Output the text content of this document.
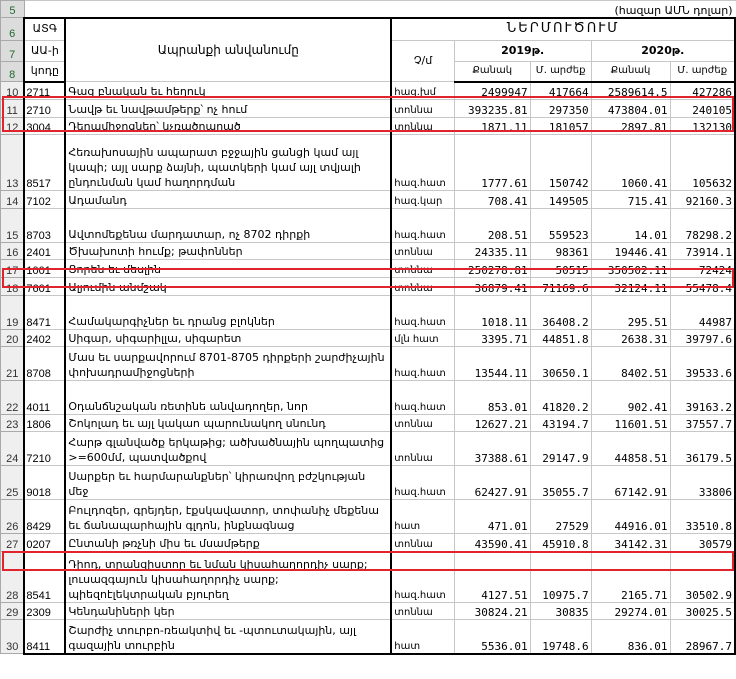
5	(հազար ԱՄՆ դոլար)						
6	ԱՏԳ	Ապրանքի անվանումը	ՆԵՐՄՈՒԾՈՒՄ				
7	ԱԱ-ի		Չ/մ	2019թ.		2020թ.	
8	կոդը			Քանակ	Մ. արժեք	Քանակ	Մ. արժեք
10	2711	Գազ բնական եւ հեղուկ	հազ.խմ	2499947	417664	2589614.5	427286
11	2710	Նավթ եւ նավթամթերք՝ ոչ հում	տոննա	393235.81	297350	473804.01	240105
12	3004	Դեղամիջոցներ՝ կչռածրարած	տոննա	1871.11	181057	2897.81	132130
13	8517	Հեռախոսային ապարատ բջջային ցանցի կամ այլ կապի; այլ սարք ձայնի, պատկերի կամ այլ տվյալի ընդունման կամ հաղորդման	հազ.հատ	1777.61	150742	1060.41	105632
14	7102	Ադամանդ	հազ.կար	708.41	149505	715.41	92160.3
15	8703	Ավտոմեքենա մարդատար, ոչ 8702 դիրքի	հազ.հատ	208.51	559523	14.01	78298.2
16	2401	Ծխախոտի հումք; թափոններ	տոննա	24335.11	98361	19446.41	73914.1
17	1001	Ցորեն եւ մեսլին	տոննա	250278.81	50515	350502.11	72424
18	7601	Ալյումին անմշակ	տոննա	36879.41	71169.6	32124.11	55478.4
19	8471	Համակարգիչներ եւ դրանց բլոկներ	հազ.հատ	1018.11	36408.2	295.51	44987
20	2402	Սիգար, սիգարիլլա, սիգարետ	մլն հատ	3395.71	44851.8	2638.31	39797.6
21	8708	Մաս եւ սարքավորում 8701-8705 դիրքերի շարժիչային փոխադրամիջոցների	հազ.հատ	13544.11	30650.1	8402.51	39533.6
22	4011	Օդանճնշական ռետինե անվադողեր, նոր	հազ.հատ	853.01	41820.2	902.41	39163.2
23	1806	Շոկոլադ եւ այլ կակաո պարունակող սնունդ	տոննա	12627.21	43194.7	11601.51	37557.7
24	7210	Հարթ գլանվածք երկաթից; ածխածնային պողպատից >=600մմ, պատվածքով	տոննա	37388.61	29147.9	44858.51	36179.5
25	9018	Սարքեր եւ հարմարանքներ՝ կիրառվող բժշկության մեջ	հազ.հատ	62427.91	35055.7	67142.91	33806
26	8429	Բուլդոզեր, գրեյդեր, էքսկավատոր, տոփանիչ մեքենա եւ ճանապարհային գլդոն, ինքնագնաց	հատ	471.01	27529	44916.01	33510.8
27	0207	Ընտանի թռչնի միս եւ մսամթերք	տոննա	43590.41	45910.8	34142.31	30579
28	8541	Դիոդ, տրանզիստոր եւ նման կիսահաղորդիչ սարք; լուսազգայուն կիսահաղորդիչ սարք; պիեզոէլեկտրական բյուրեղ	հազ.հատ	4127.51	10975.7	2165.71	30502.9
29	2309	Կենդանիների կեր	տոննա	30824.21	30835	29274.01	30025.5
30	8411	Շարժիչ տուրբո-ռեակտիվ եւ -պտուտակային, այլ գազային տուրբին	հատ	5536.01	19748.6	836.01	28967.7
